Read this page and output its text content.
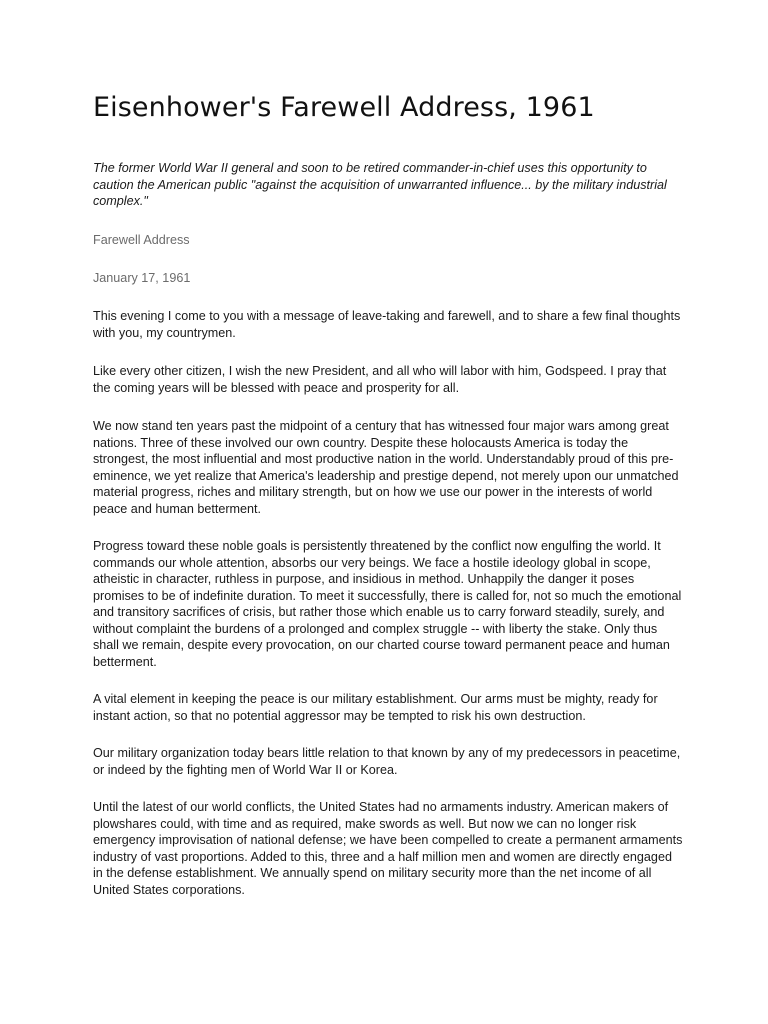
Eisenhower's Farewell Address, 1961

The former World War II general and soon to be retired commander-in-chief uses this opportunity to caution the American public "against the acquisition of unwarranted influence... by the military industrial complex."

Farewell Address

January 17, 1961

This evening I come to you with a message of leave-taking and farewell, and to share a few final thoughts with you, my countrymen.

Like every other citizen, I wish the new President, and all who will labor with him, Godspeed. I pray that the coming years will be blessed with peace and prosperity for all.

We now stand ten years past the midpoint of a century that has witnessed four major wars among great nations. Three of these involved our own country. Despite these holocausts America is today the strongest, the most influential and most productive nation in the world. Understandably proud of this pre-eminence, we yet realize that America's leadership and prestige depend, not merely upon our unmatched material progress, riches and military strength, but on how we use our power in the interests of world peace and human betterment.

Progress toward these noble goals is persistently threatened by the conflict now engulfing the world. It commands our whole attention, absorbs our very beings. We face a hostile ideology global in scope, atheistic in character, ruthless in purpose, and insidious in method. Unhappily the danger it poses promises to be of indefinite duration. To meet it successfully, there is called for, not so much the emotional and transitory sacrifices of crisis, but rather those which enable us to carry forward steadily, surely, and without complaint the burdens of a prolonged and complex struggle -- with liberty the stake. Only thus shall we remain, despite every provocation, on our charted course toward permanent peace and human betterment.

A vital element in keeping the peace is our military establishment. Our arms must be mighty, ready for instant action, so that no potential aggressor may be tempted to risk his own destruction.

Our military organization today bears little relation to that known by any of my predecessors in peacetime, or indeed by the fighting men of World War II or Korea.

Until the latest of our world conflicts, the United States had no armaments industry. American makers of plowshares could, with time and as required, make swords as well. But now we can no longer risk emergency improvisation of national defense; we have been compelled to create a permanent armaments industry of vast proportions. Added to this, three and a half million men and women are directly engaged in the defense establishment. We annually spend on military security more than the net income of all United States corporations.
